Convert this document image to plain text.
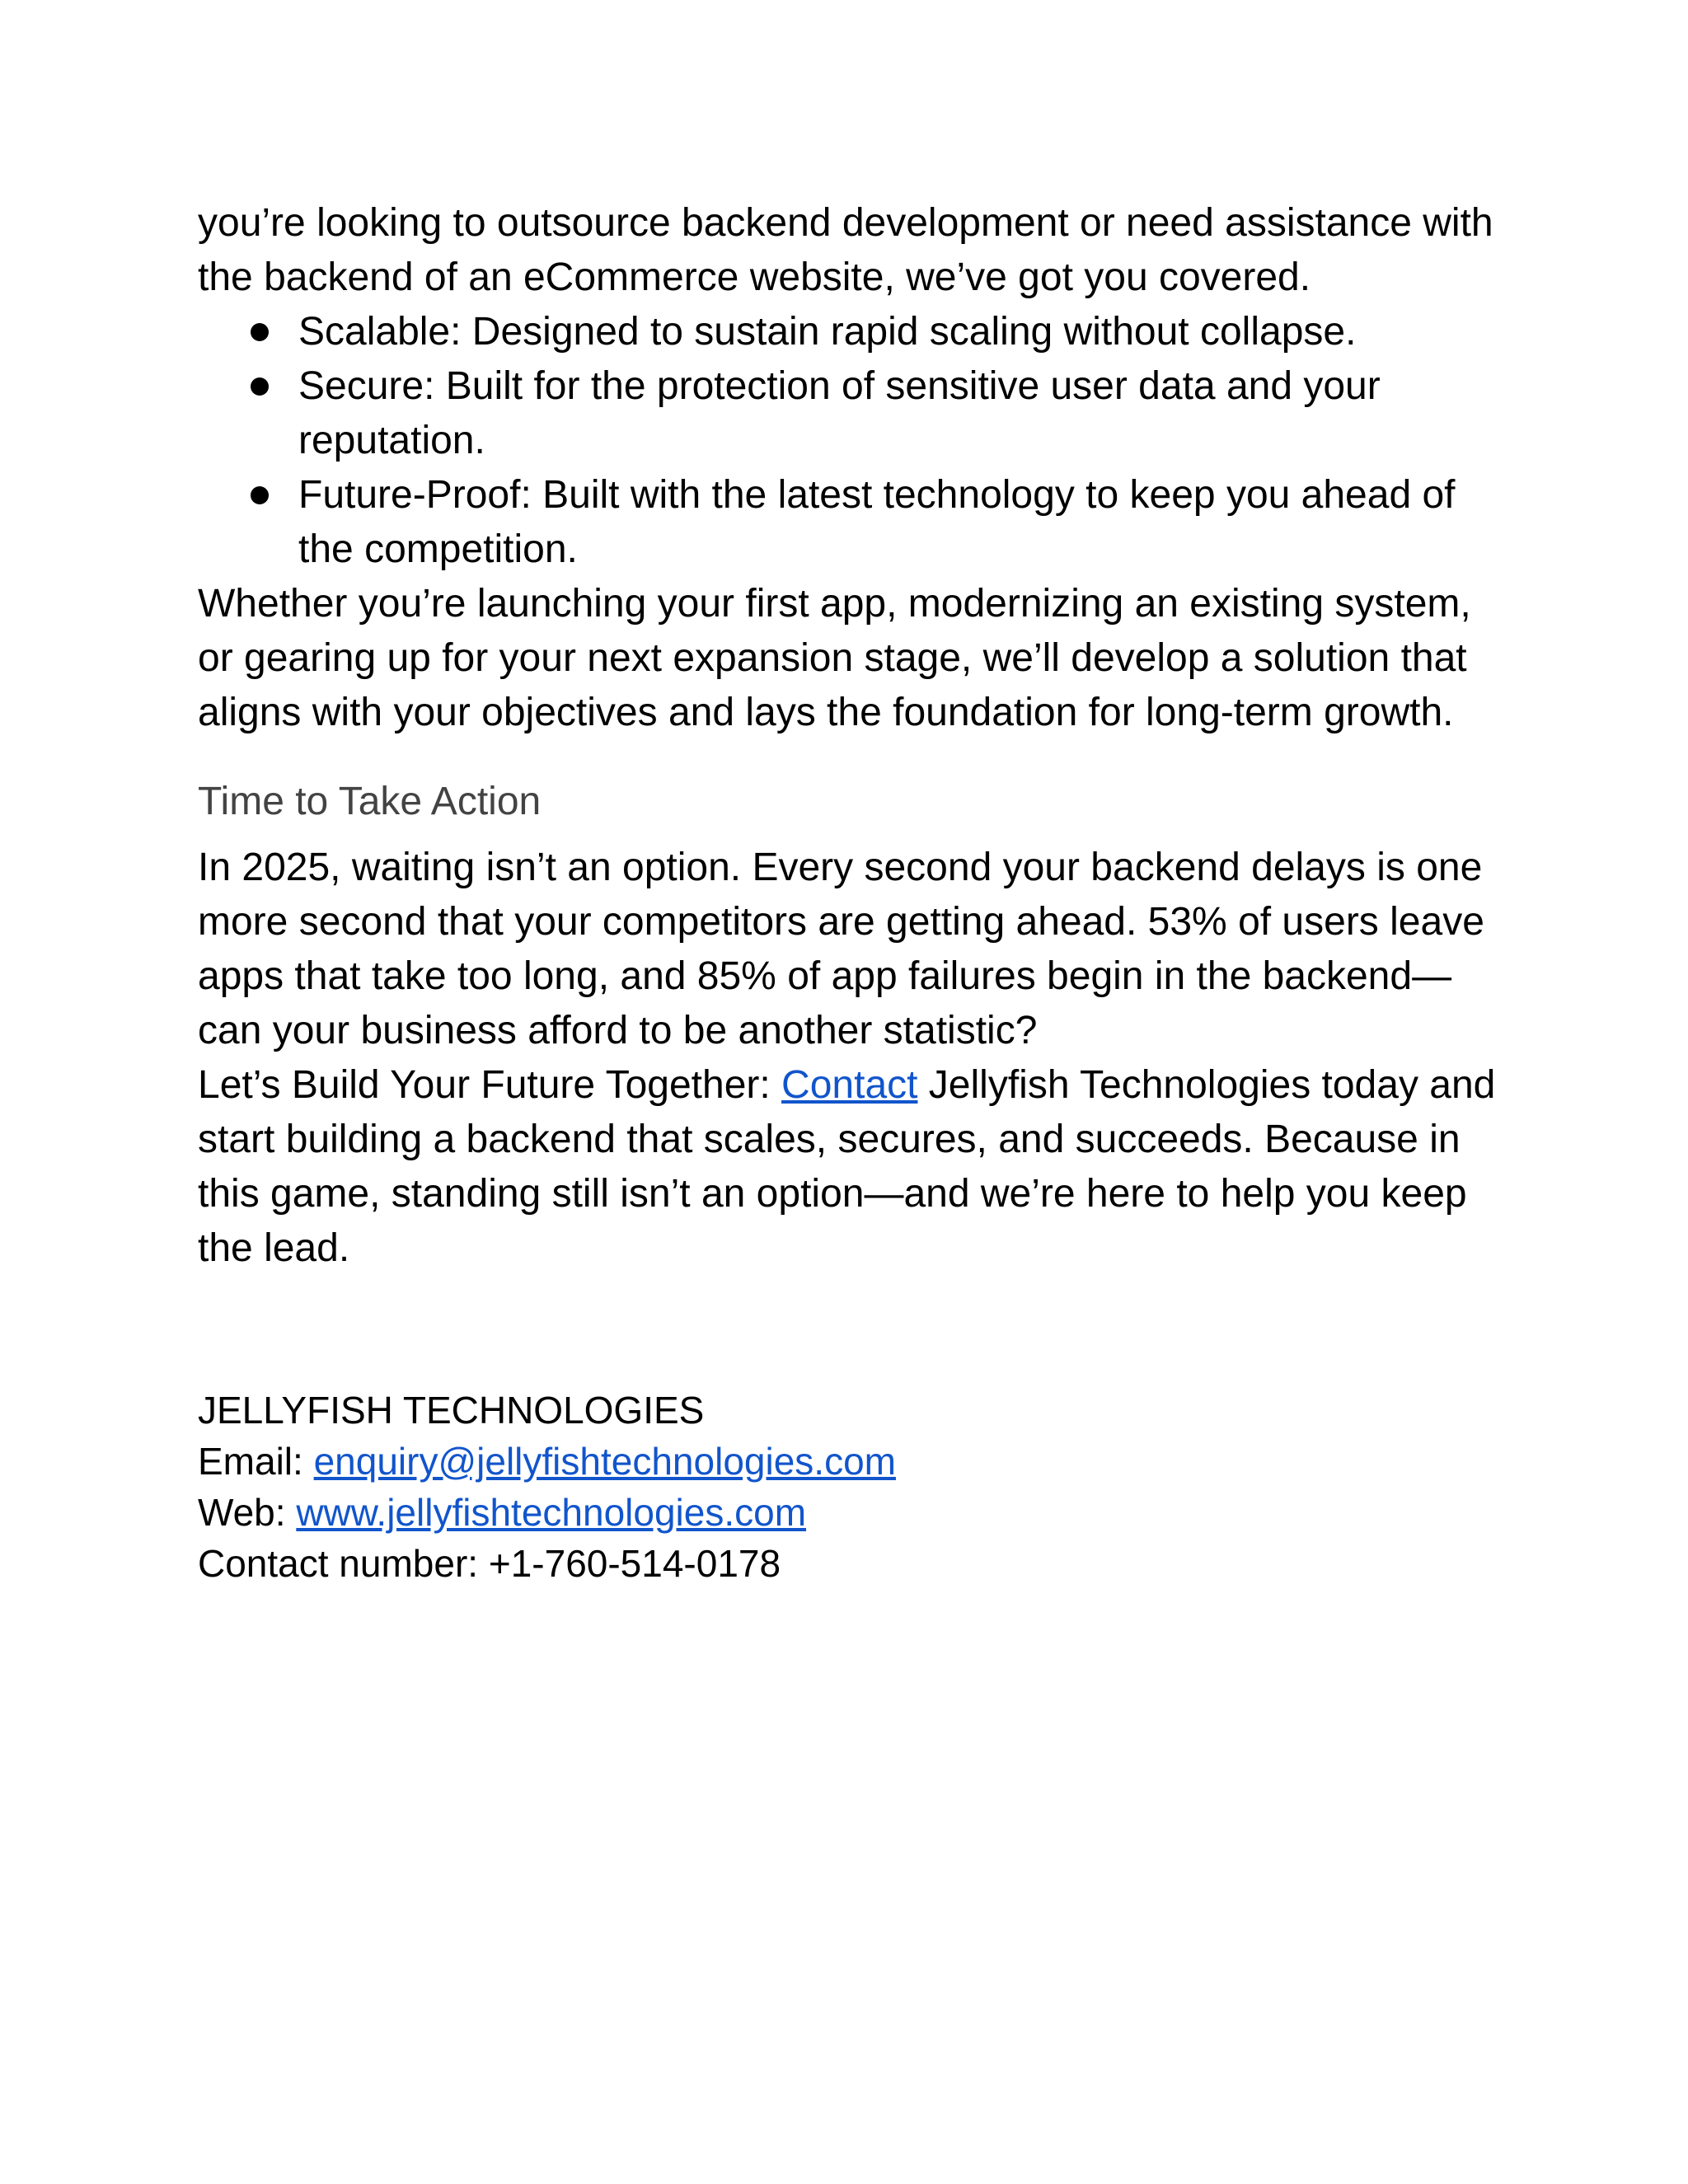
you’re looking to outsource backend development or need assistance with the backend of an eCommerce website, we’ve got you covered.

Scalable: Designed to sustain rapid scaling without collapse.
Secure: Built for the protection of sensitive user data and your reputation.
Future-Proof: Built with the latest technology to keep you ahead of the competition.

Whether you’re launching your first app, modernizing an existing system, or gearing up for your next expansion stage, we’ll develop a solution that aligns with your objectives and lays the foundation for long-term growth.

Time to Take Action

In 2025, waiting isn’t an option. Every second your backend delays is one more second that your competitors are getting ahead. 53% of users leave apps that take too long, and 85% of app failures begin in the backend—can your business afford to be another statistic?

Let’s Build Your Future Together: Contact Jellyfish Technologies today and start building a backend that scales, secures, and succeeds. Because in this game, standing still isn’t an option—and we’re here to help you keep the lead.

JELLYFISH TECHNOLOGIES

Email: enquiry@jellyfishtechnologies.com

Web: www.jellyfishtechnologies.com

Contact number: +1-760-514-0178
